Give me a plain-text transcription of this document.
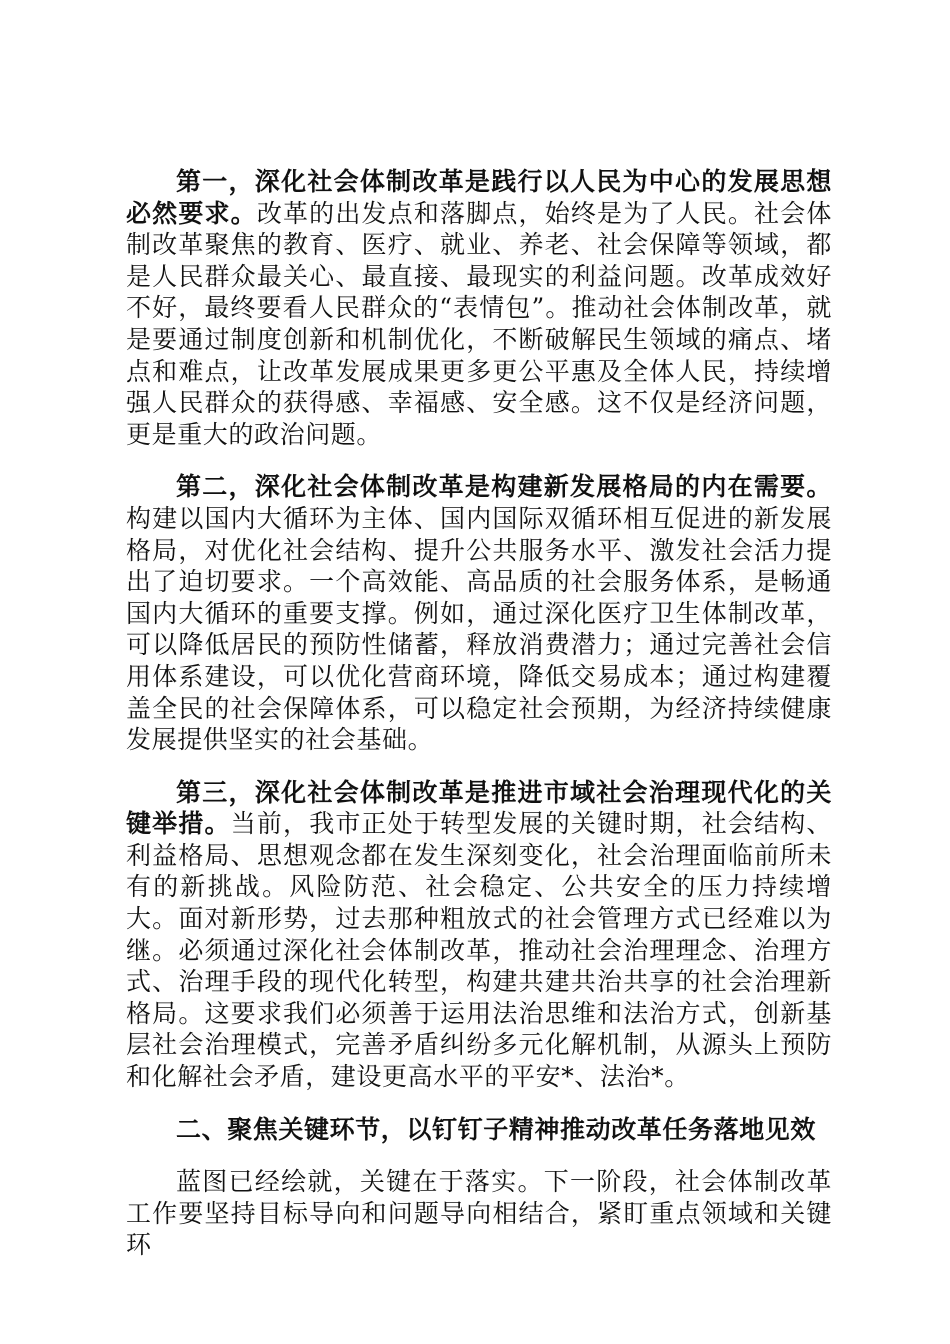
第一，深化社会体制改革是践行以人民为中心的发展思想必然要求。改革的出发点和落脚点，始终是为了人民。社会体制改革聚焦的教育、医疗、就业、养老、社会保障等领域，都是人民群众最关心、最直接、最现实的利益问题。改革成效好不好，最终要看人民群众的“表情包”。推动社会体制改革，就是要通过制度创新和机制优化，不断破解民生领域的痛点、堵点和难点，让改革发展成果更多更公平惠及全体人民，持续增强人民群众的获得感、幸福感、安全感。这不仅是经济问题，更是重大的政治问题。

第二，深化社会体制改革是构建新发展格局的内在需要。构建以国内大循环为主体、国内国际双循环相互促进的新发展格局，对优化社会结构、提升公共服务水平、激发社会活力提出了迫切要求。一个高效能、高品质的社会服务体系，是畅通国内大循环的重要支撑。例如，通过深化医疗卫生体制改革，可以降低居民的预防性储蓄，释放消费潜力；通过完善社会信用体系建设，可以优化营商环境，降低交易成本；通过构建覆盖全民的社会保障体系，可以稳定社会预期，为经济持续健康发展提供坚实的社会基础。

第三，深化社会体制改革是推进市域社会治理现代化的关键举措。当前，我市正处于转型发展的关键时期，社会结构、利益格局、思想观念都在发生深刻变化，社会治理面临前所未有的新挑战。风险防范、社会稳定、公共安全的压力持续增大。面对新形势，过去那种粗放式的社会管理方式已经难以为继。必须通过深化社会体制改革，推动社会治理理念、治理方式、治理手段的现代化转型，构建共建共治共享的社会治理新格局。这要求我们必须善于运用法治思维和法治方式，创新基层社会治理模式，完善矛盾纠纷多元化解机制，从源头上预防和化解社会矛盾，建设更高水平的平安*、法治*。

二、聚焦关键环节，以钉钉子精神推动改革任务落地见效

蓝图已经绘就，关键在于落实。下一阶段，社会体制改革工作要坚持目标导向和问题导向相结合，紧盯重点领域和关键环
